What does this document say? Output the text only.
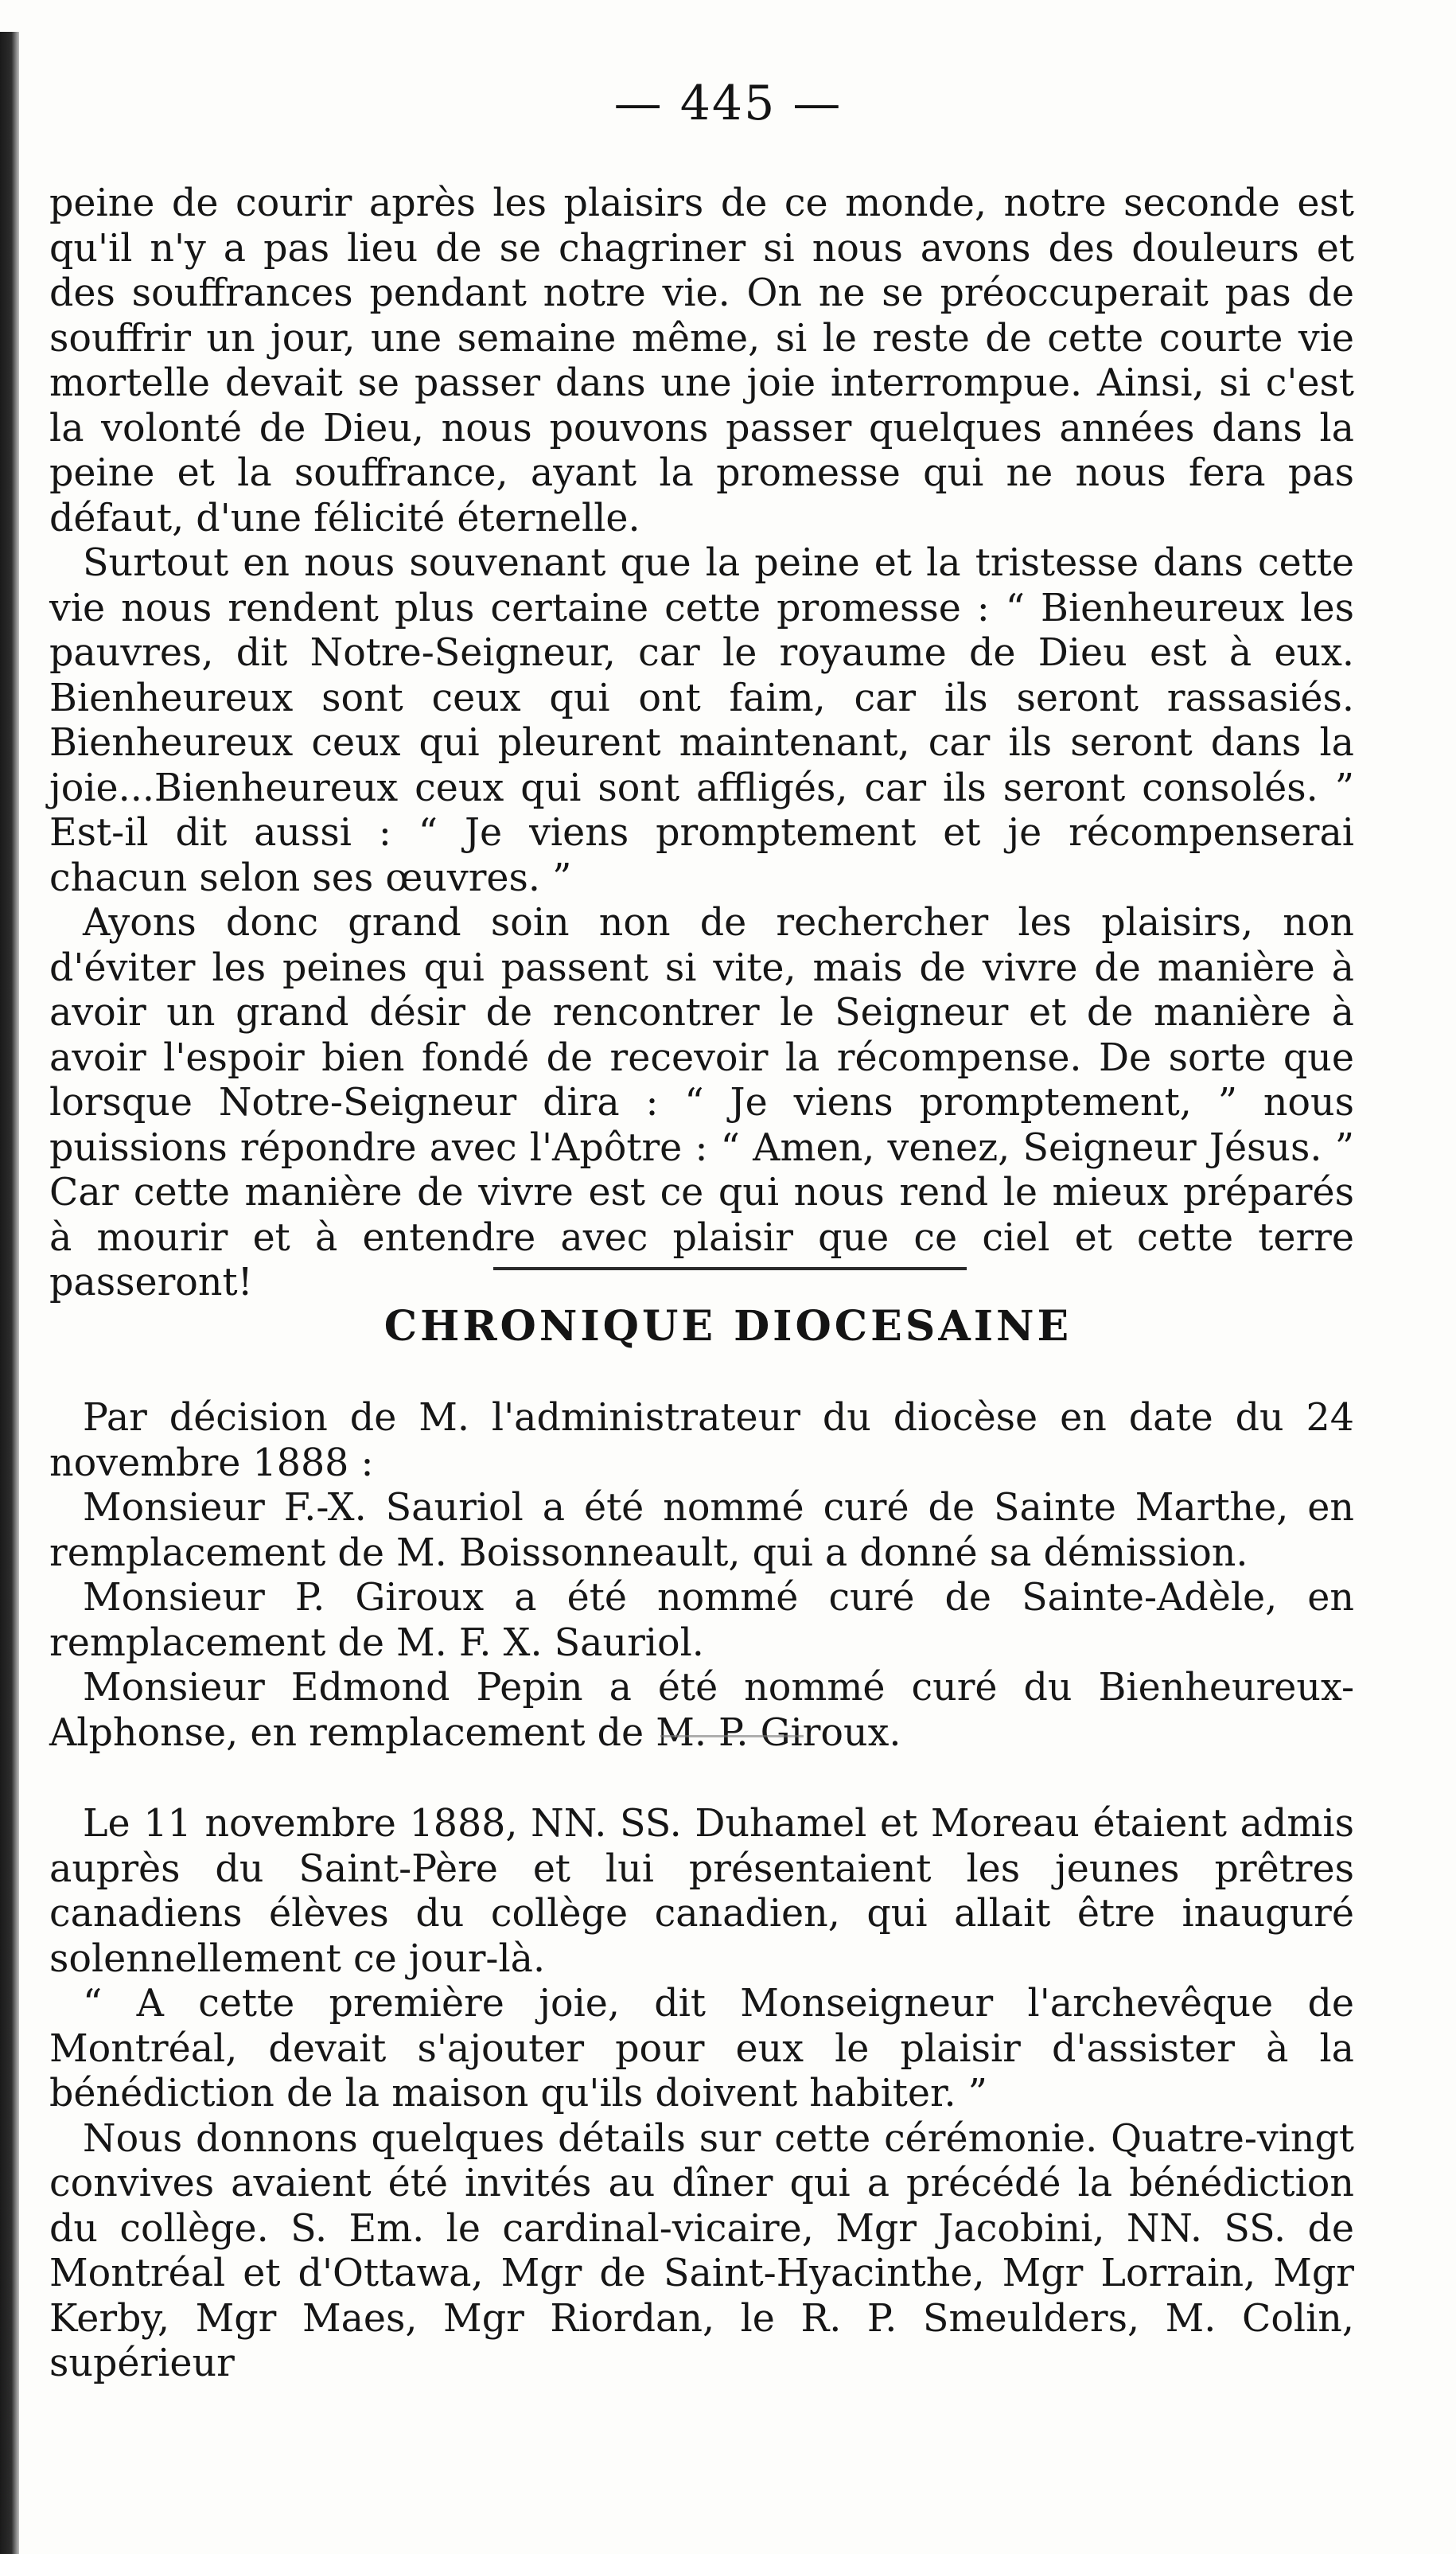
— 445 —

peine de courir après les plaisirs de ce monde, notre seconde est qu'il n'y a pas lieu de se chagriner si nous avons des douleurs et des souffrances pendant notre vie. On ne se préoccuperait pas de souffrir un jour, une semaine même, si le reste de cette courte vie mortelle devait se passer dans une joie interrompue. Ainsi, si c'est la volonté de Dieu, nous pouvons passer quelques années dans la peine et la souffrance, ayant la promesse qui ne nous fera pas défaut, d'une félicité éternelle.

Surtout en nous souvenant que la peine et la tristesse dans cette vie nous rendent plus certaine cette promesse : “ Bienheureux les pauvres, dit Notre-Seigneur, car le royaume de Dieu est à eux. Bienheureux sont ceux qui ont faim, car ils seront rassasiés. Bienheureux ceux qui pleurent maintenant, car ils seront dans la joie...Bienheureux ceux qui sont affligés, car ils seront consolés. ” Est-il dit aussi : “ Je viens promptement et je récompenserai chacun selon ses œuvres. ”

Ayons donc grand soin non de rechercher les plaisirs, non d'éviter les peines qui passent si vite, mais de vivre de manière à avoir un grand désir de rencontrer le Seigneur et de manière à avoir l'espoir bien fondé de recevoir la récompense. De sorte que lorsque Notre-Seigneur dira : “ Je viens promptement, ” nous puissions répondre avec l'Apôtre : “ Amen, venez, Seigneur Jésus. ” Car cette manière de vivre est ce qui nous rend le mieux préparés à mourir et à entendre avec plaisir que ce ciel et cette terre passeront!

CHRONIQUE DIOCESAINE

Par décision de M. l'administrateur du diocèse en date du 24 novembre 1888 :

Monsieur F.-X. Sauriol a été nommé curé de Sainte Marthe, en remplacement de M. Boissonneault, qui a donné sa démission.

Monsieur P. Giroux a été nommé curé de Sainte-Adèle, en remplacement de M. F. X. Sauriol.

Monsieur Edmond Pepin a été nommé curé du Bienheureux-Alphonse, en remplacement de M. P. Giroux.

Le 11 novembre 1888, NN. SS. Duhamel et Moreau étaient admis auprès du Saint-Père et lui présentaient les jeunes prêtres canadiens élèves du collège canadien, qui allait être inauguré solennellement ce jour-là.

“ A cette première joie, dit Monseigneur l'archevêque de Montréal, devait s'ajouter pour eux le plaisir d'assister à la bénédiction de la maison qu'ils doivent habiter. ”

Nous donnons quelques détails sur cette cérémonie. Quatre-vingt convives avaient été invités au dîner qui a précédé la bénédiction du collège. S. Em. le cardinal-vicaire, Mgr Jacobini, NN. SS. de Montréal et d'Ottawa, Mgr de Saint-Hyacinthe, Mgr Lorrain, Mgr Kerby, Mgr Maes, Mgr Riordan, le R. P. Smeulders, M. Colin, supérieur
